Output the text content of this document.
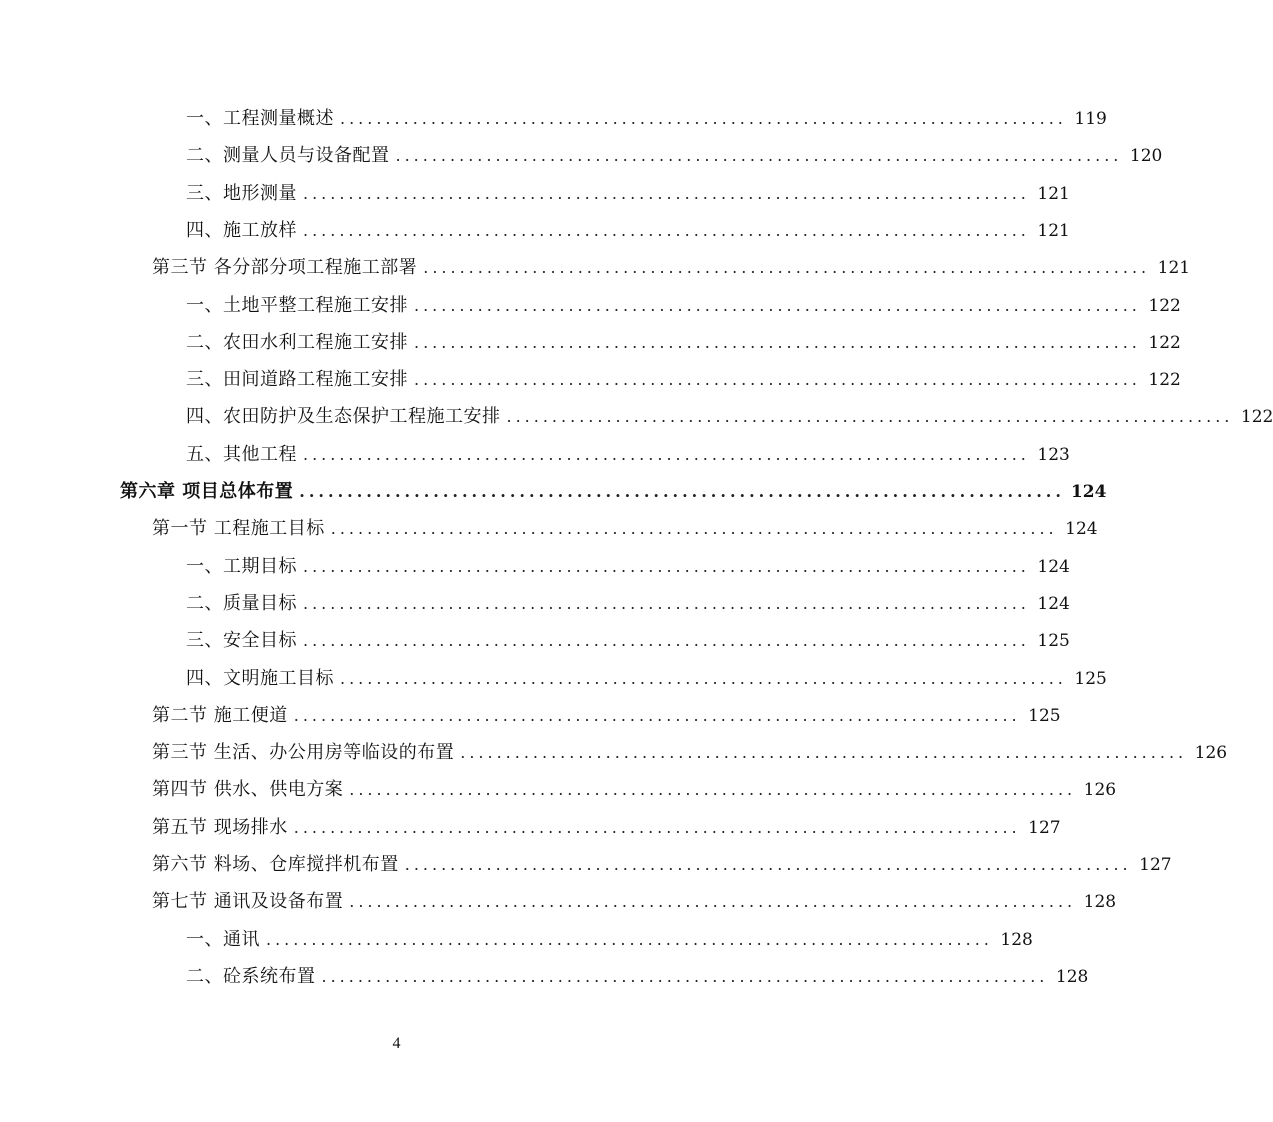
一、工程测量概述 ................................................................................ 119
二、测量人员与设备配置 ................................................................................ 120
三、地形测量 ................................................................................ 121
四、施工放样 ................................................................................ 121
第三节 各分部分项工程施工部署 ................................................................................ 121
一、土地平整工程施工安排 ................................................................................ 122
二、农田水利工程施工安排 ................................................................................ 122
三、田间道路工程施工安排 ................................................................................ 122
四、农田防护及生态保护工程施工安排 ................................................................................ 122
五、其他工程 ................................................................................ 123
第六章 项目总体布置 ................................................................................ 124
第一节 工程施工目标 ................................................................................ 124
一、工期目标 ................................................................................ 124
二、质量目标 ................................................................................ 124
三、安全目标 ................................................................................ 125
四、文明施工目标 ................................................................................ 125
第二节 施工便道 ................................................................................ 125
第三节 生活、办公用房等临设的布置 ................................................................................ 126
第四节 供水、供电方案 ................................................................................ 126
第五节 现场排水 ................................................................................ 127
第六节 料场、仓库搅拌机布置 ................................................................................ 127
第七节 通讯及设备布置 ................................................................................ 128
一、通讯 ................................................................................ 128
二、砼系统布置 ................................................................................ 128
4
